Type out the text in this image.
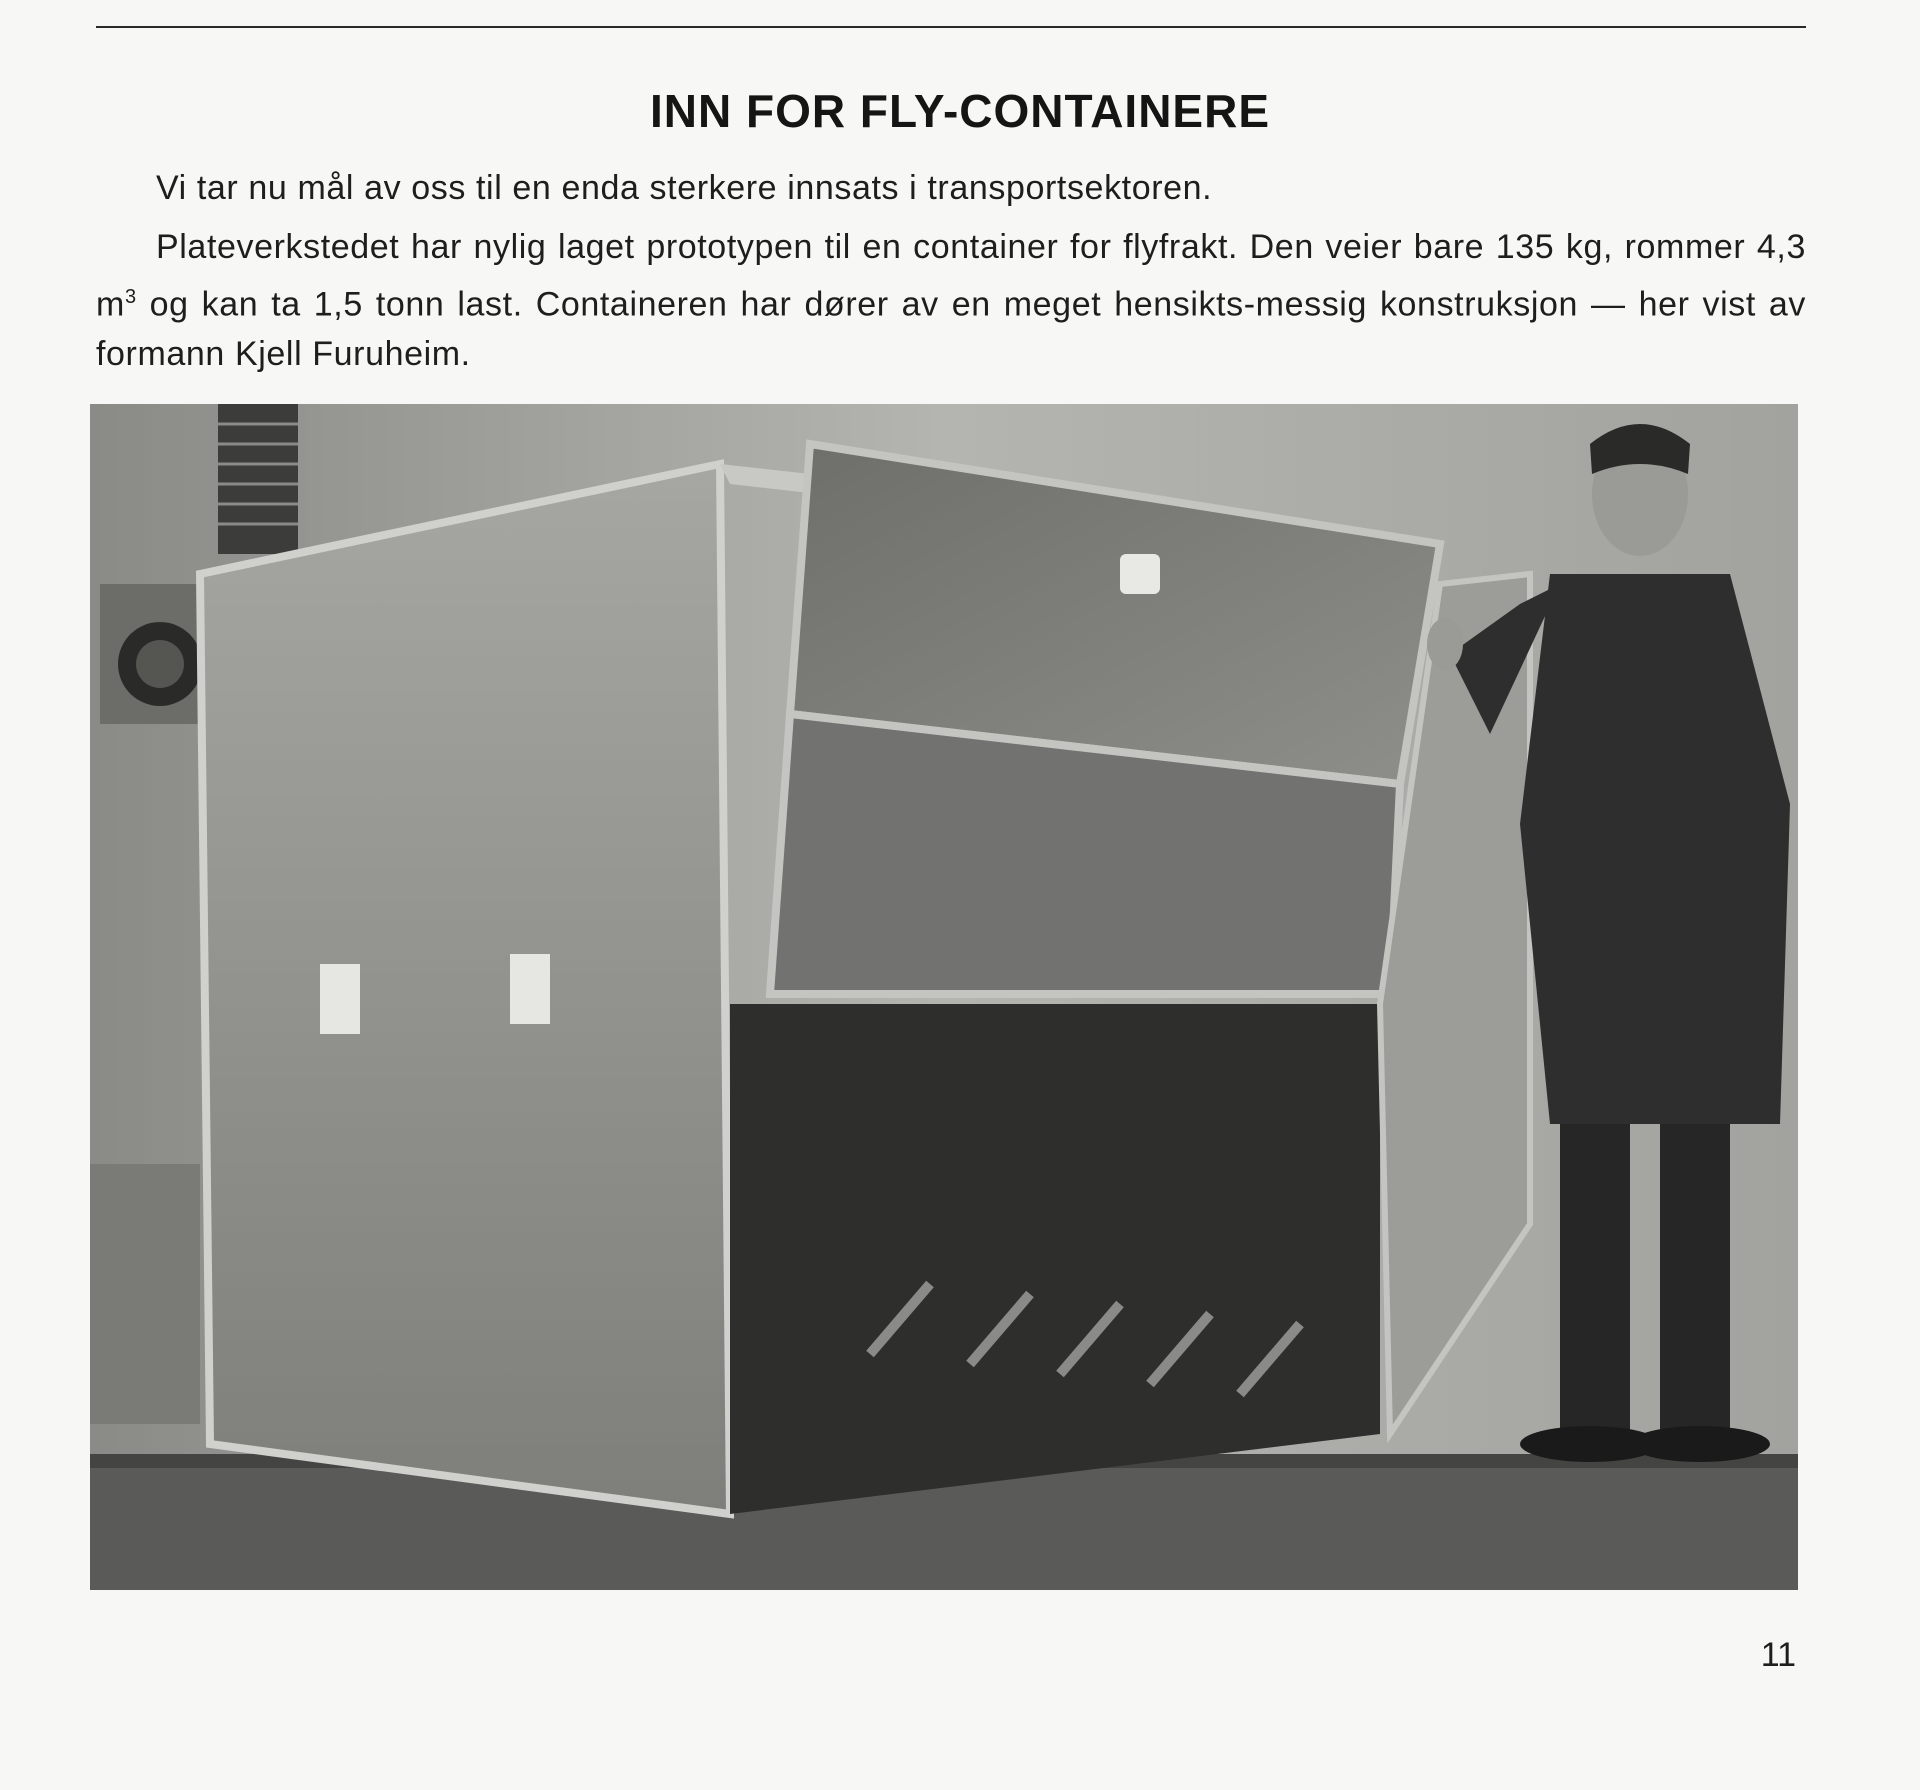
INN FOR FLY-CONTAINERE

Vi tar nu mål av oss til en enda sterkere innsats i transportsektoren.

Plateverkstedet har nylig laget prototypen til en container for flyfrakt. Den veier bare 135 kg, rommer 4,3 $m^3$ og kan ta 1,5 tonn last. Containeren har dører av en meget hensikts-messig konstruksjon — her vist av formann Kjell Furuheim.

11
